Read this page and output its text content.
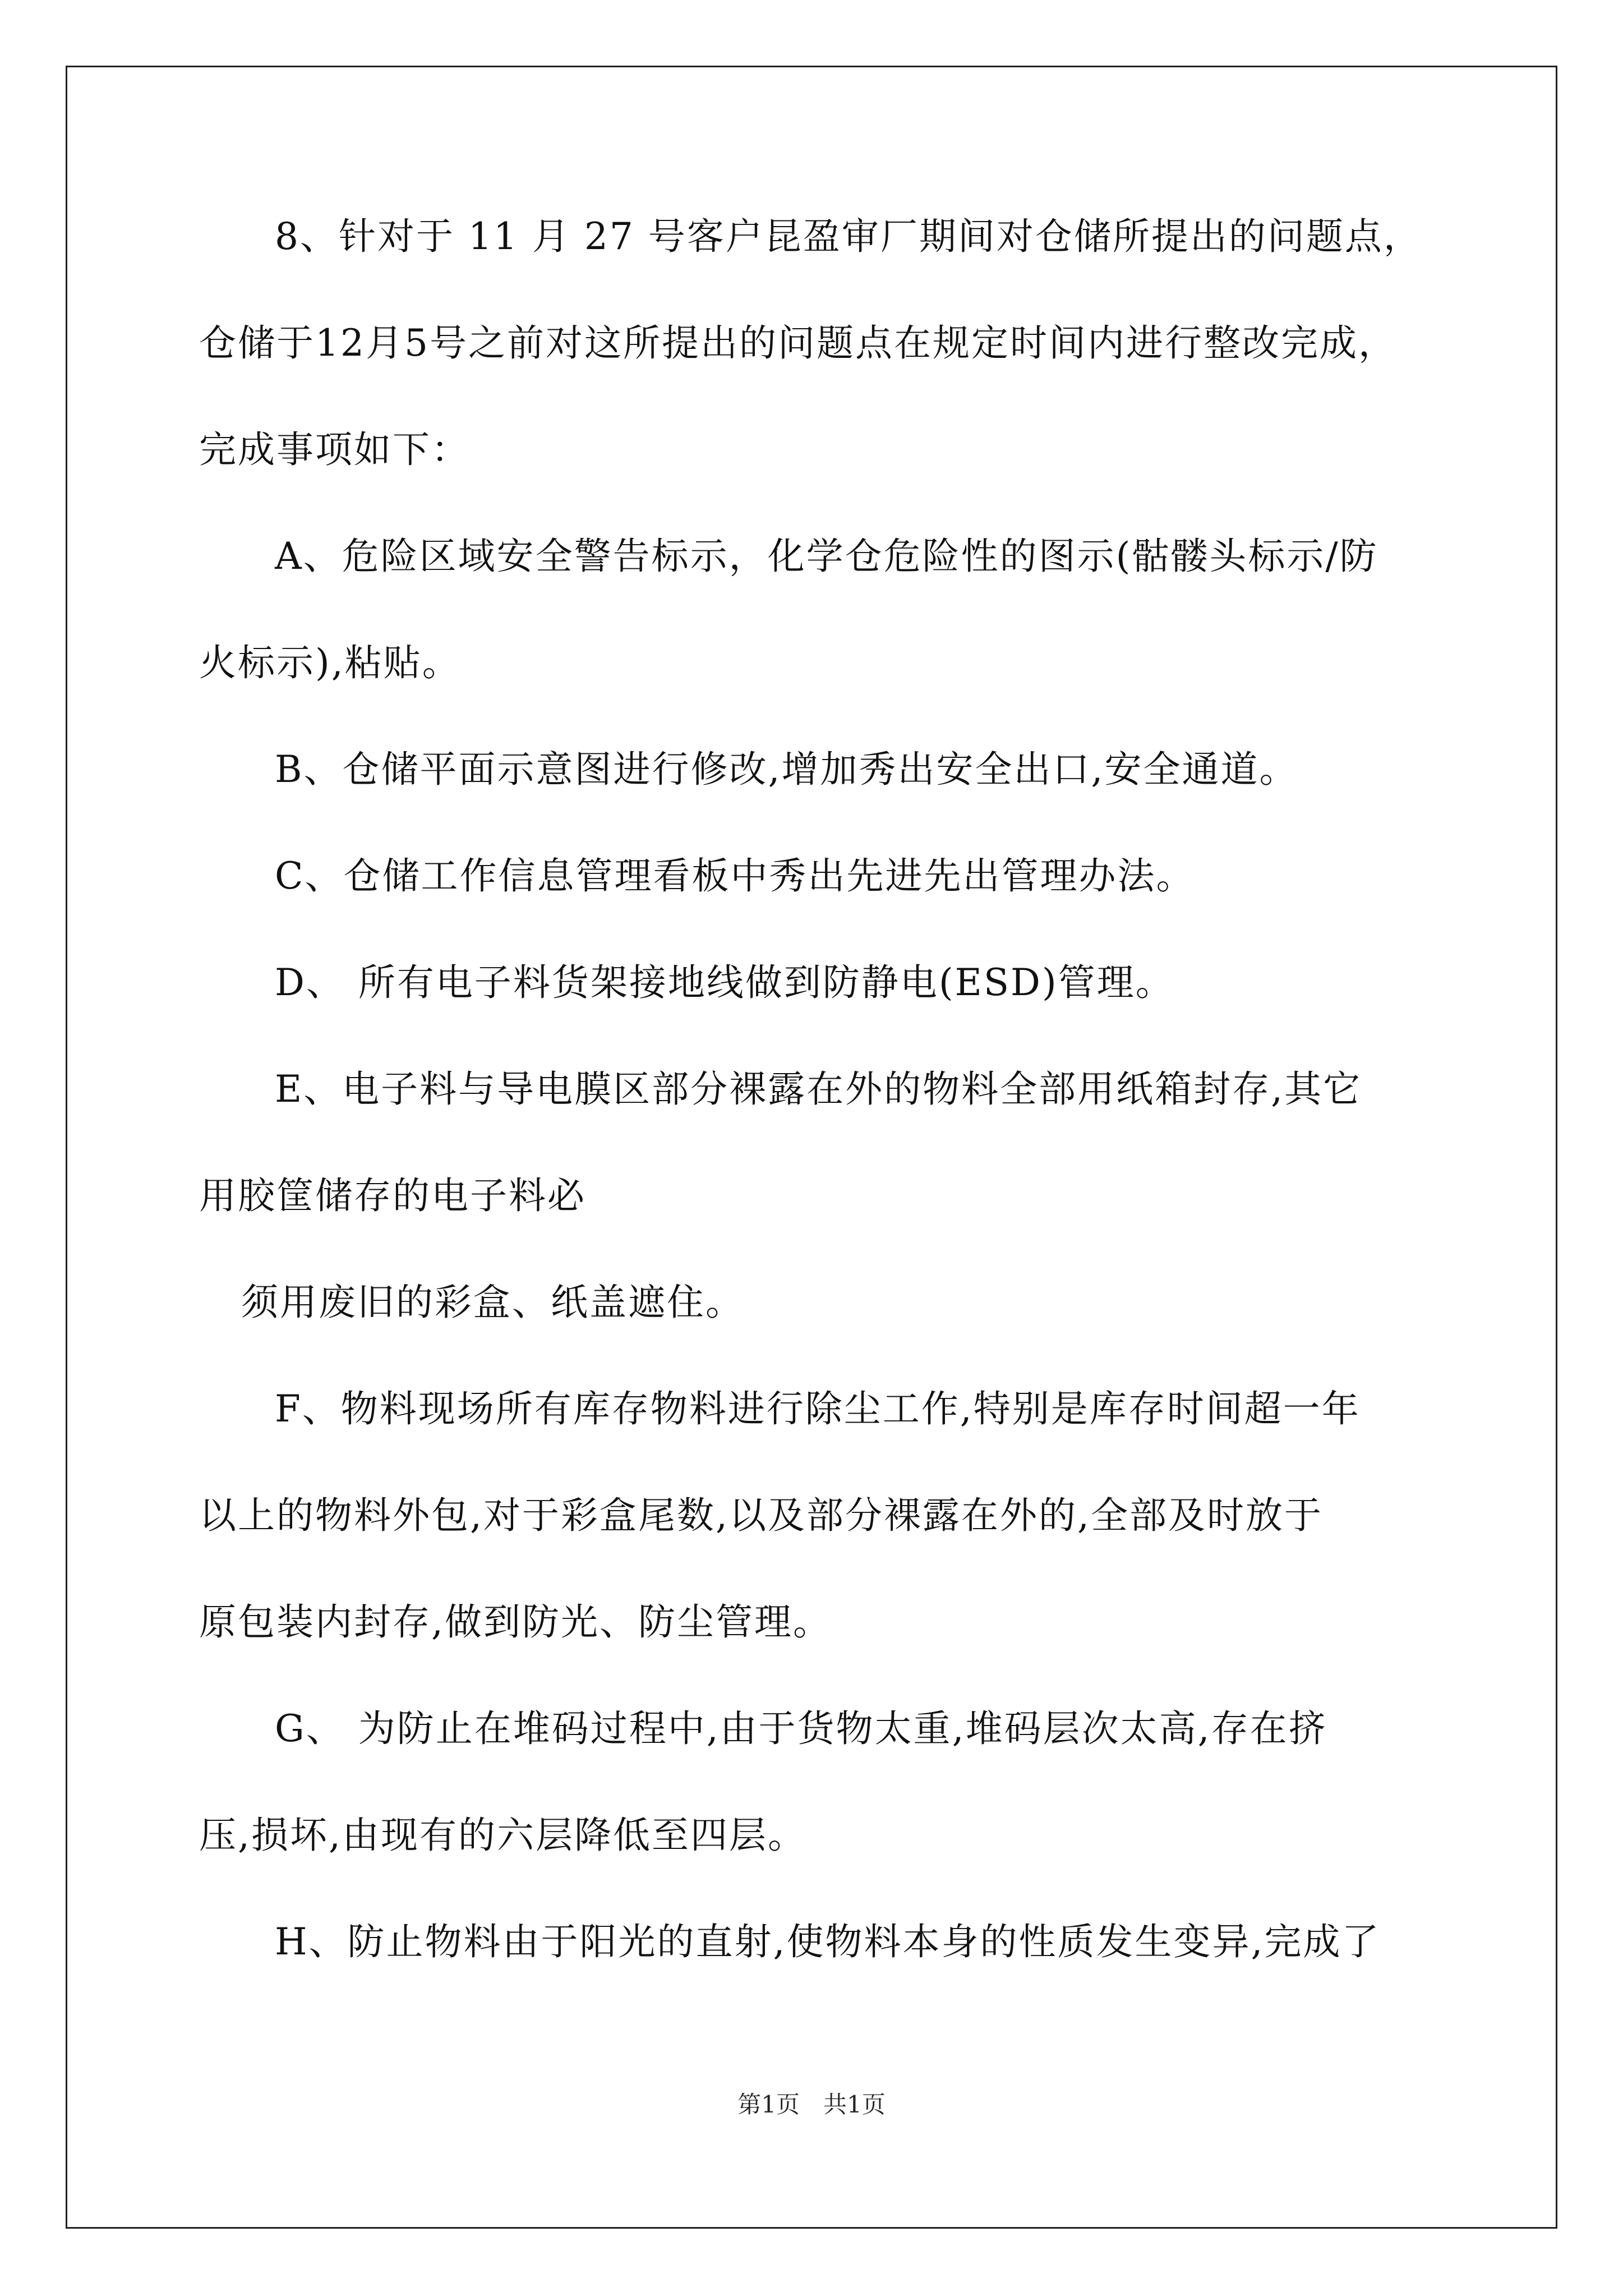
8、针对于 11 月 27 号客户昆盈审厂期间对仓储所提出的问题点，
仓储于12月5号之前对这所提出的问题点在规定时间内进行整改完成，
完成事项如下：
A、危险区域安全警告标示，化学仓危险性的图示(骷髅头标示/防
火标示),粘贴。
B、仓储平面示意图进行修改,增加秀出安全出口,安全通道。
C、仓储工作信息管理看板中秀出先进先出管理办法。
D、 所有电子料货架接地线做到防静电(ESD)管理。
E、电子料与导电膜区部分裸露在外的物料全部用纸箱封存,其它
用胶筐储存的电子料必
须用废旧的彩盒、纸盖遮住。
F、物料现场所有库存物料进行除尘工作,特别是库存时间超一年
以上的物料外包,对于彩盒尾数,以及部分裸露在外的,全部及时放于
原包装内封存,做到防光、防尘管理。
G、 为防止在堆码过程中,由于货物太重,堆码层次太高,存在挤
压,损坏,由现有的六层降低至四层。
H、防止物料由于阳光的直射,使物料本身的性质发生变异,完成了
第1页　共1页
